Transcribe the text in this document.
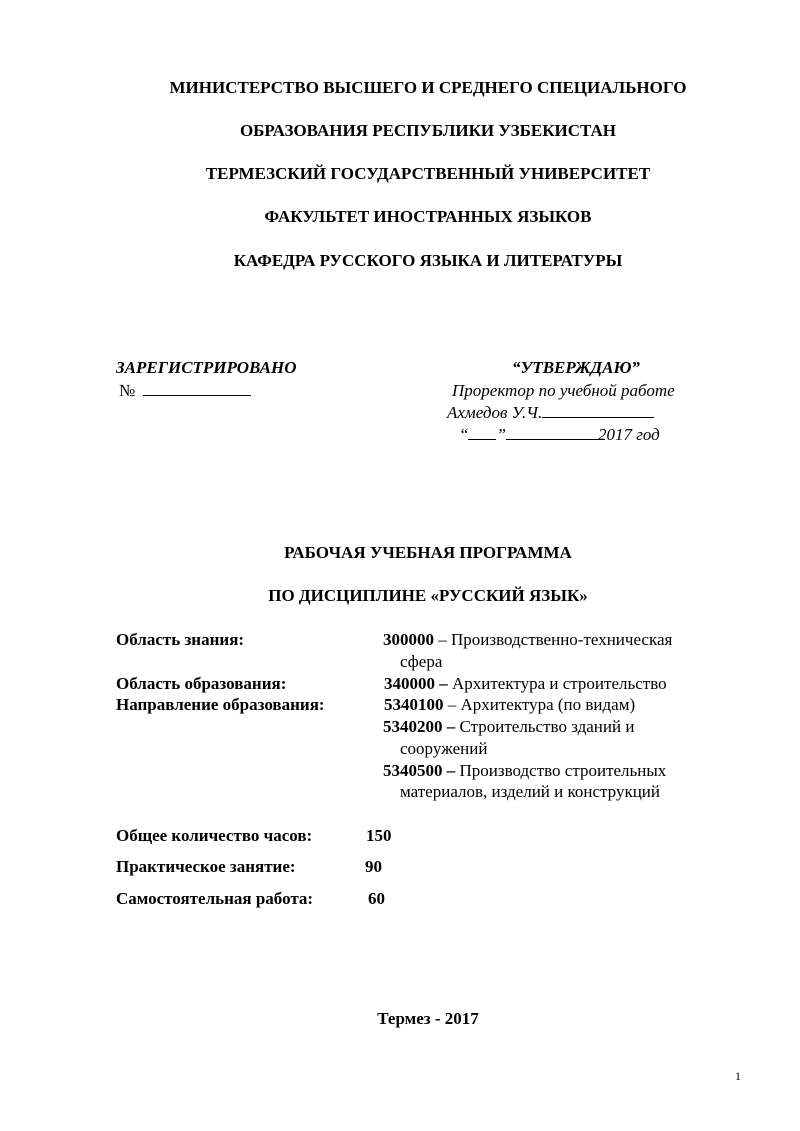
МИНИСТЕРСТВО ВЫСШЕГО И СРЕДНЕГО СПЕЦИАЛЬНОГО
ОБРАЗОВАНИЯ РЕСПУБЛИКИ УЗБЕКИСТАН
ТЕРМЕЗСКИЙ ГОСУДАРСТВЕННЫЙ УНИВЕРСИТЕТ
ФАКУЛЬТЕТ ИНОСТРАННЫХ ЯЗЫКОВ
КАФЕДРА РУССКОГО ЯЗЫКА И ЛИТЕРАТУРЫ
ЗАРЕГИСТРИРОВАНО
№
“УТВЕРЖДАЮ”
Проректор по учебной работе
Ахмедов У.Ч.
“ ”	2017 год
РАБОЧАЯ УЧЕБНАЯ ПРОГРАММА
ПО ДИСЦИПЛИНЕ «РУССКИЙ ЯЗЫК»
Область знания:	300000 – Производственно-техническая
сфера
Область образования:	340000 – Архитектура и строительство
Направление образования:	5340100 – Архитектура (по видам)
5340200 – Строительство зданий и
сооружений
5340500 – Производство строительных
материалов, изделий и конструкций
Общее количество часов:	150
Практическое занятие:	90
Самостоятельная работа:	60
Термез - 2017
1
